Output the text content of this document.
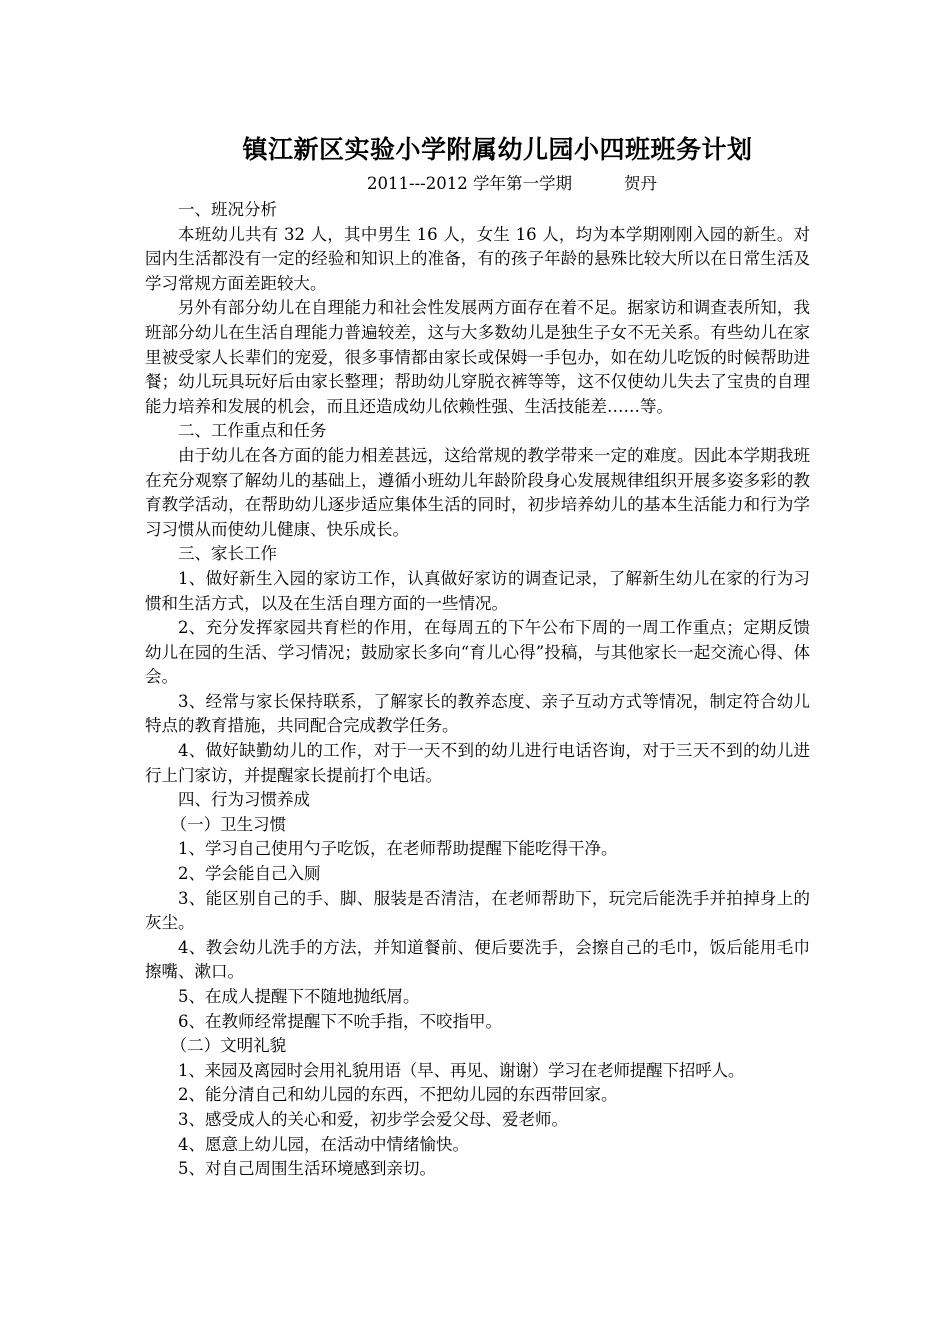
镇江新区实验小学附属幼儿园小四班班务计划
2011---2012 学年第一学期	贺丹

一、班况分析

本班幼儿共有 32 人，其中男生 16 人，女生 16 人，均为本学期刚刚入园的新生。对园内生活都没有一定的经验和知识上的准备，有的孩子年龄的悬殊比较大所以在日常生活及学习常规方面差距较大。

另外有部分幼儿在自理能力和社会性发展两方面存在着不足。据家访和调查表所知，我班部分幼儿在生活自理能力普遍较差，这与大多数幼儿是独生子女不无关系。有些幼儿在家里被受家人长辈们的宠爱，很多事情都由家长或保姆一手包办，如在幼儿吃饭的时候帮助进餐；幼儿玩具玩好后由家长整理；帮助幼儿穿脱衣裤等等，这不仅使幼儿失去了宝贵的自理能力培养和发展的机会，而且还造成幼儿依赖性强、生活技能差……等。

二、工作重点和任务

由于幼儿在各方面的能力相差甚远，这给常规的教学带来一定的难度。因此本学期我班在充分观察了解幼儿的基础上，遵循小班幼儿年龄阶段身心发展规律组织开展多姿多彩的教育教学活动，在帮助幼儿逐步适应集体生活的同时，初步培养幼儿的基本生活能力和行为学习习惯从而使幼儿健康、快乐成长。

三、家长工作

1、做好新生入园的家访工作，认真做好家访的调查记录，了解新生幼儿在家的行为习惯和生活方式，以及在生活自理方面的一些情况。

2、充分发挥家园共育栏的作用，在每周五的下午公布下周的一周工作重点；定期反馈幼儿在园的生活、学习情况；鼓励家长多向“育儿心得”投稿，与其他家长一起交流心得、体会。

3、经常与家长保持联系，了解家长的教养态度、亲子互动方式等情况，制定符合幼儿特点的教育措施，共同配合完成教学任务。

4、做好缺勤幼儿的工作，对于一天不到的幼儿进行电话咨询，对于三天不到的幼儿进行上门家访，并提醒家长提前打个电话。

四、行为习惯养成

（一）卫生习惯

1、学习自己使用勺子吃饭，在老师帮助提醒下能吃得干净。

2、学会能自己入厕

3、能区别自己的手、脚、服装是否清洁，在老师帮助下，玩完后能洗手并拍掉身上的灰尘。

4、教会幼儿洗手的方法，并知道餐前、便后要洗手，会擦自己的毛巾，饭后能用毛巾擦嘴、漱口。

5、在成人提醒下不随地抛纸屑。

6、在教师经常提醒下不吮手指，不咬指甲。

（二）文明礼貌

1、来园及离园时会用礼貌用语（早、再见、谢谢）学习在老师提醒下招呼人。

2、能分清自己和幼儿园的东西，不把幼儿园的东西带回家。

3、感受成人的关心和爱，初步学会爱父母、爱老师。

4、愿意上幼儿园，在活动中情绪愉快。

5、对自己周围生活环境感到亲切。
